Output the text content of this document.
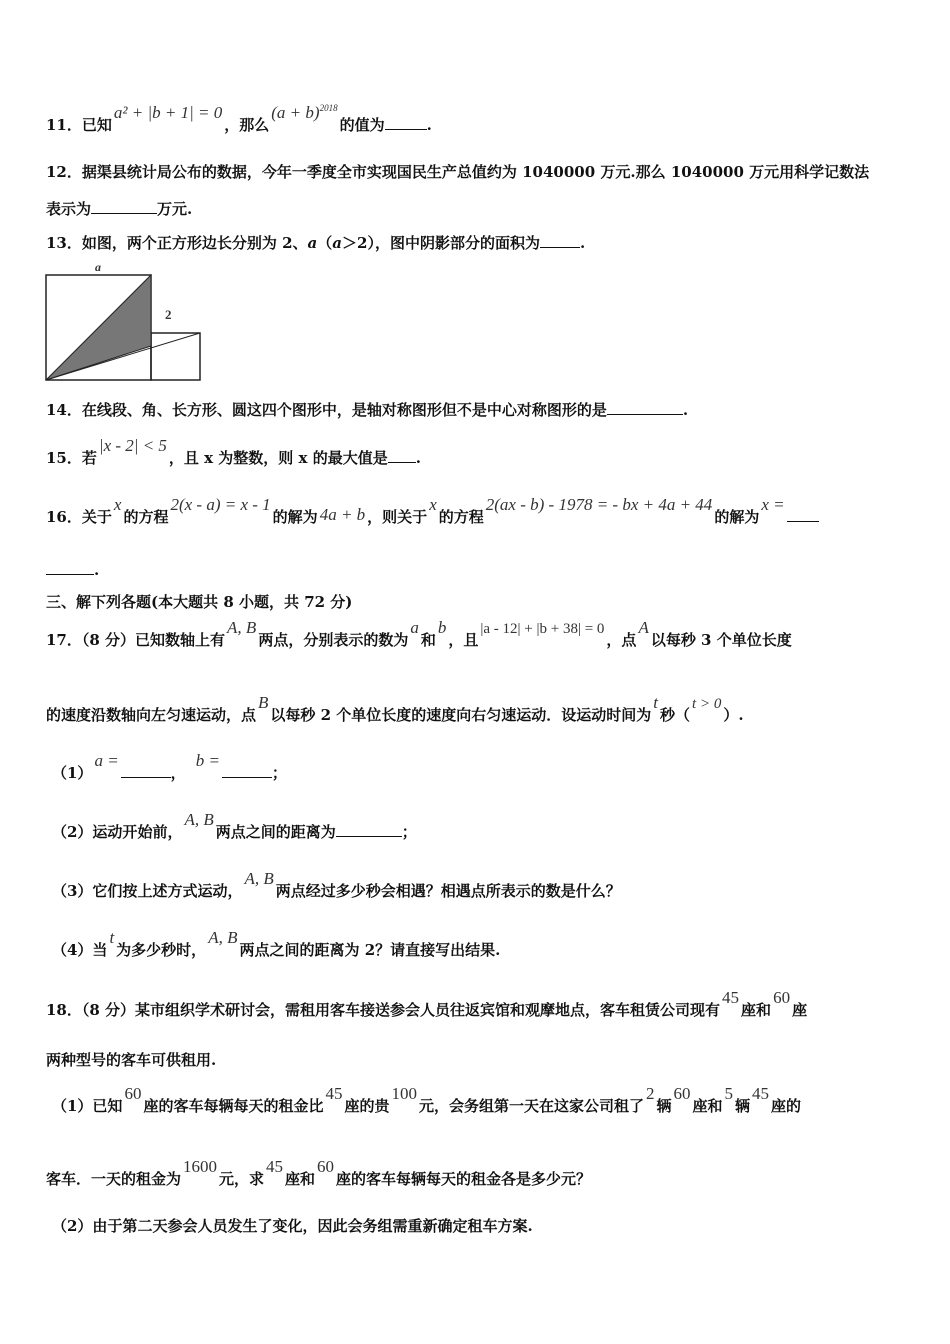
11．已知a² + |b + 1| = 0，那么$(a + b)^{2018}$的值为	.
12．据渠县统计局公布的数据，今年一季度全市实现国民生产总值约为 1040000 万元.那么 1040000 万元用科学记数法
表示为	万元.
13．如图，两个正方形边长分别为 2、a（a＞2），图中阴影部分的面积为	.
a
2
14．在线段、角、长方形、圆这四个图形中，是轴对称图形但不是中心对称图形的是	.
15．若|x - 2| < 5，且 x 为整数，则 x 的最大值是 .
16．关于x的方程2(x - a) = x - 1的解为 4a + b ，则关于x的方程2(ax - b) - 1978 = - bx + 4a + 44的解为x =
.
三、解下列各题(本大题共 8 小题，共 72 分)
17．（8 分）已知数轴上有A, B两点，分别表示的数为a和b，且|a - 12| + |b + 38| = 0，点A以每秒 3 个单位长度
的速度沿数轴向左匀速运动，点B以每秒 2 个单位长度的速度向右匀速运动．设运动时间为t秒（t > 0）.
（1）a =，b =；
（2）运动开始前，A, B两点之间的距离为	；
（3）它们按上述方式运动，A, B两点经过多少秒会相遇？相遇点所表示的数是什么？
（4）当t为多少秒时，A, B两点之间的距离为 2？请直接写出结果.
18．（8 分）某市组织学术研讨会，需租用客车接送参会人员往返宾馆和观摩地点，客车租赁公司现有45座和60座
两种型号的客车可供租用.
（1）已知60座的客车每辆每天的租金比45座的贵100元，会务组第一天在这家公司租了2辆60座和5辆45座的
客车．一天的租金为1600元，求45座和60座的客车每辆每天的租金各是多少元？
（2）由于第二天参会人员发生了变化，因此会务组需重新确定租车方案.
